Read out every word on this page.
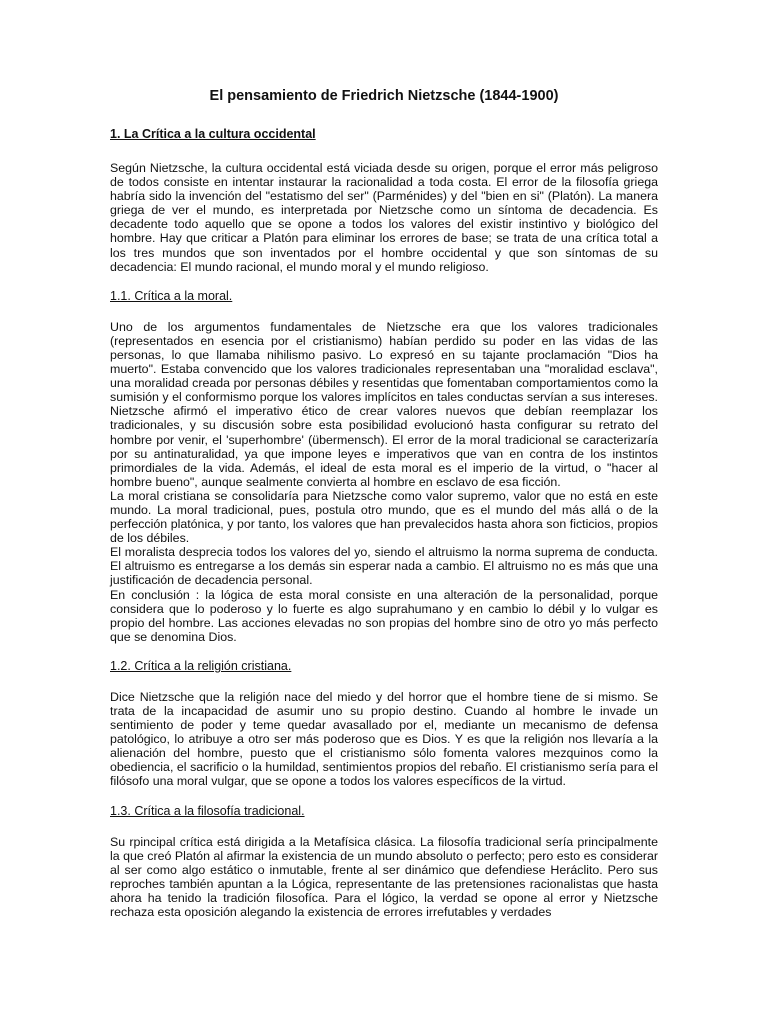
El pensamiento de Friedrich Nietzsche (1844-1900)
1. La Crítica a la cultura occidental
Según Nietzsche, la cultura occidental está viciada desde su origen, porque el error más peligroso de todos consiste en intentar instaurar la racionalidad a toda costa. El error de la filosofía griega habría sido la invención del "estatismo del ser" (Parménides) y del "bien en si" (Platón). La manera griega de ver el mundo, es interpretada por Nietzsche como un síntoma de decadencia. Es decadente todo aquello que se opone a todos los valores del existir instintivo y biológico del hombre. Hay que criticar a Platón para eliminar los errores de base; se trata de una crítica total a los tres mundos que son inventados por el hombre occidental y que son síntomas de su decadencia: El mundo racional, el mundo moral y el mundo religioso.
1.1. Crítica a la moral.
Uno de los argumentos fundamentales de Nietzsche era que los valores tradicionales (representados en esencia por el cristianismo) habían perdido su poder en las vidas de las personas, lo que llamaba nihilismo pasivo. Lo expresó en su tajante proclamación "Dios ha muerto". Estaba convencido que los valores tradicionales representaban una "moralidad esclava", una moralidad creada por personas débiles y resentidas que fomentaban comportamientos como la sumisión y el conformismo porque los valores implícitos en tales conductas servían a sus intereses. Nietzsche afirmó el imperativo ético de crear valores nuevos que debían reemplazar los tradicionales, y su discusión sobre esta posibilidad evolucionó hasta configurar su retrato del hombre por venir, el 'superhombre' (übermensch). El error de la moral tradicional se caracterizaría por su antinaturalidad, ya que impone leyes e imperativos que van en contra de los instintos primordiales de la vida. Además, el ideal de esta moral es el imperio de la virtud, o "hacer al hombre bueno", aunque sealmente convierta al hombre en esclavo de esa ficción.
La moral cristiana se consolidaría para Nietzsche como valor supremo, valor que no está en este mundo. La moral tradicional, pues, postula otro mundo, que es el mundo del más allá o de la perfección platónica, y por tanto, los valores que han prevalecidos hasta ahora son ficticios, propios de los débiles.
El moralista desprecia todos los valores del yo, siendo el altruismo la norma suprema de conducta. El altruismo es entregarse a los demás sin esperar nada a cambio. El altruismo no es más que una justificación de decadencia personal.
En conclusión : la lógica de esta moral consiste en una alteración de la personalidad, porque considera que lo poderoso y lo fuerte es algo suprahumano y en cambio lo débil y lo vulgar es propio del hombre. Las acciones elevadas no son propias del hombre sino de otro yo más perfecto que se denomina Dios.
1.2. Crítica a la religión cristiana.
Dice Nietzsche que la religión nace del miedo y del horror que el hombre tiene de si mismo. Se trata de la incapacidad de asumir uno su propio destino. Cuando al hombre le invade un sentimiento de poder y teme quedar avasallado por el, mediante un mecanismo de defensa patológico, lo atribuye a otro ser más poderoso que es Dios. Y es que la religión nos llevaría a la alienación del hombre, puesto que el cristianismo sólo fomenta valores mezquinos como la obediencia, el sacrificio o la humildad, sentimientos propios del rebaño. El cristianismo sería para el filósofo una moral vulgar, que se opone a todos los valores específicos de la virtud.
1.3. Crítica a la filosofía tradicional.
Su rpincipal crítica está dirigida a la Metafísica clásica. La filosofía tradicional sería principalmente la que creó Platón al afirmar la existencia de un mundo absoluto o perfecto; pero esto es considerar al ser como algo estático o inmutable, frente al ser dinámico que defendiese Heráclito. Pero sus reproches también apuntan a la Lógica, representante de las pretensiones racionalistas que hasta ahora ha tenido la tradición filosofíca. Para el lógico, la verdad se opone al error y Nietzsche rechaza esta oposición alegando la existencia de errores irrefutables y verdades
